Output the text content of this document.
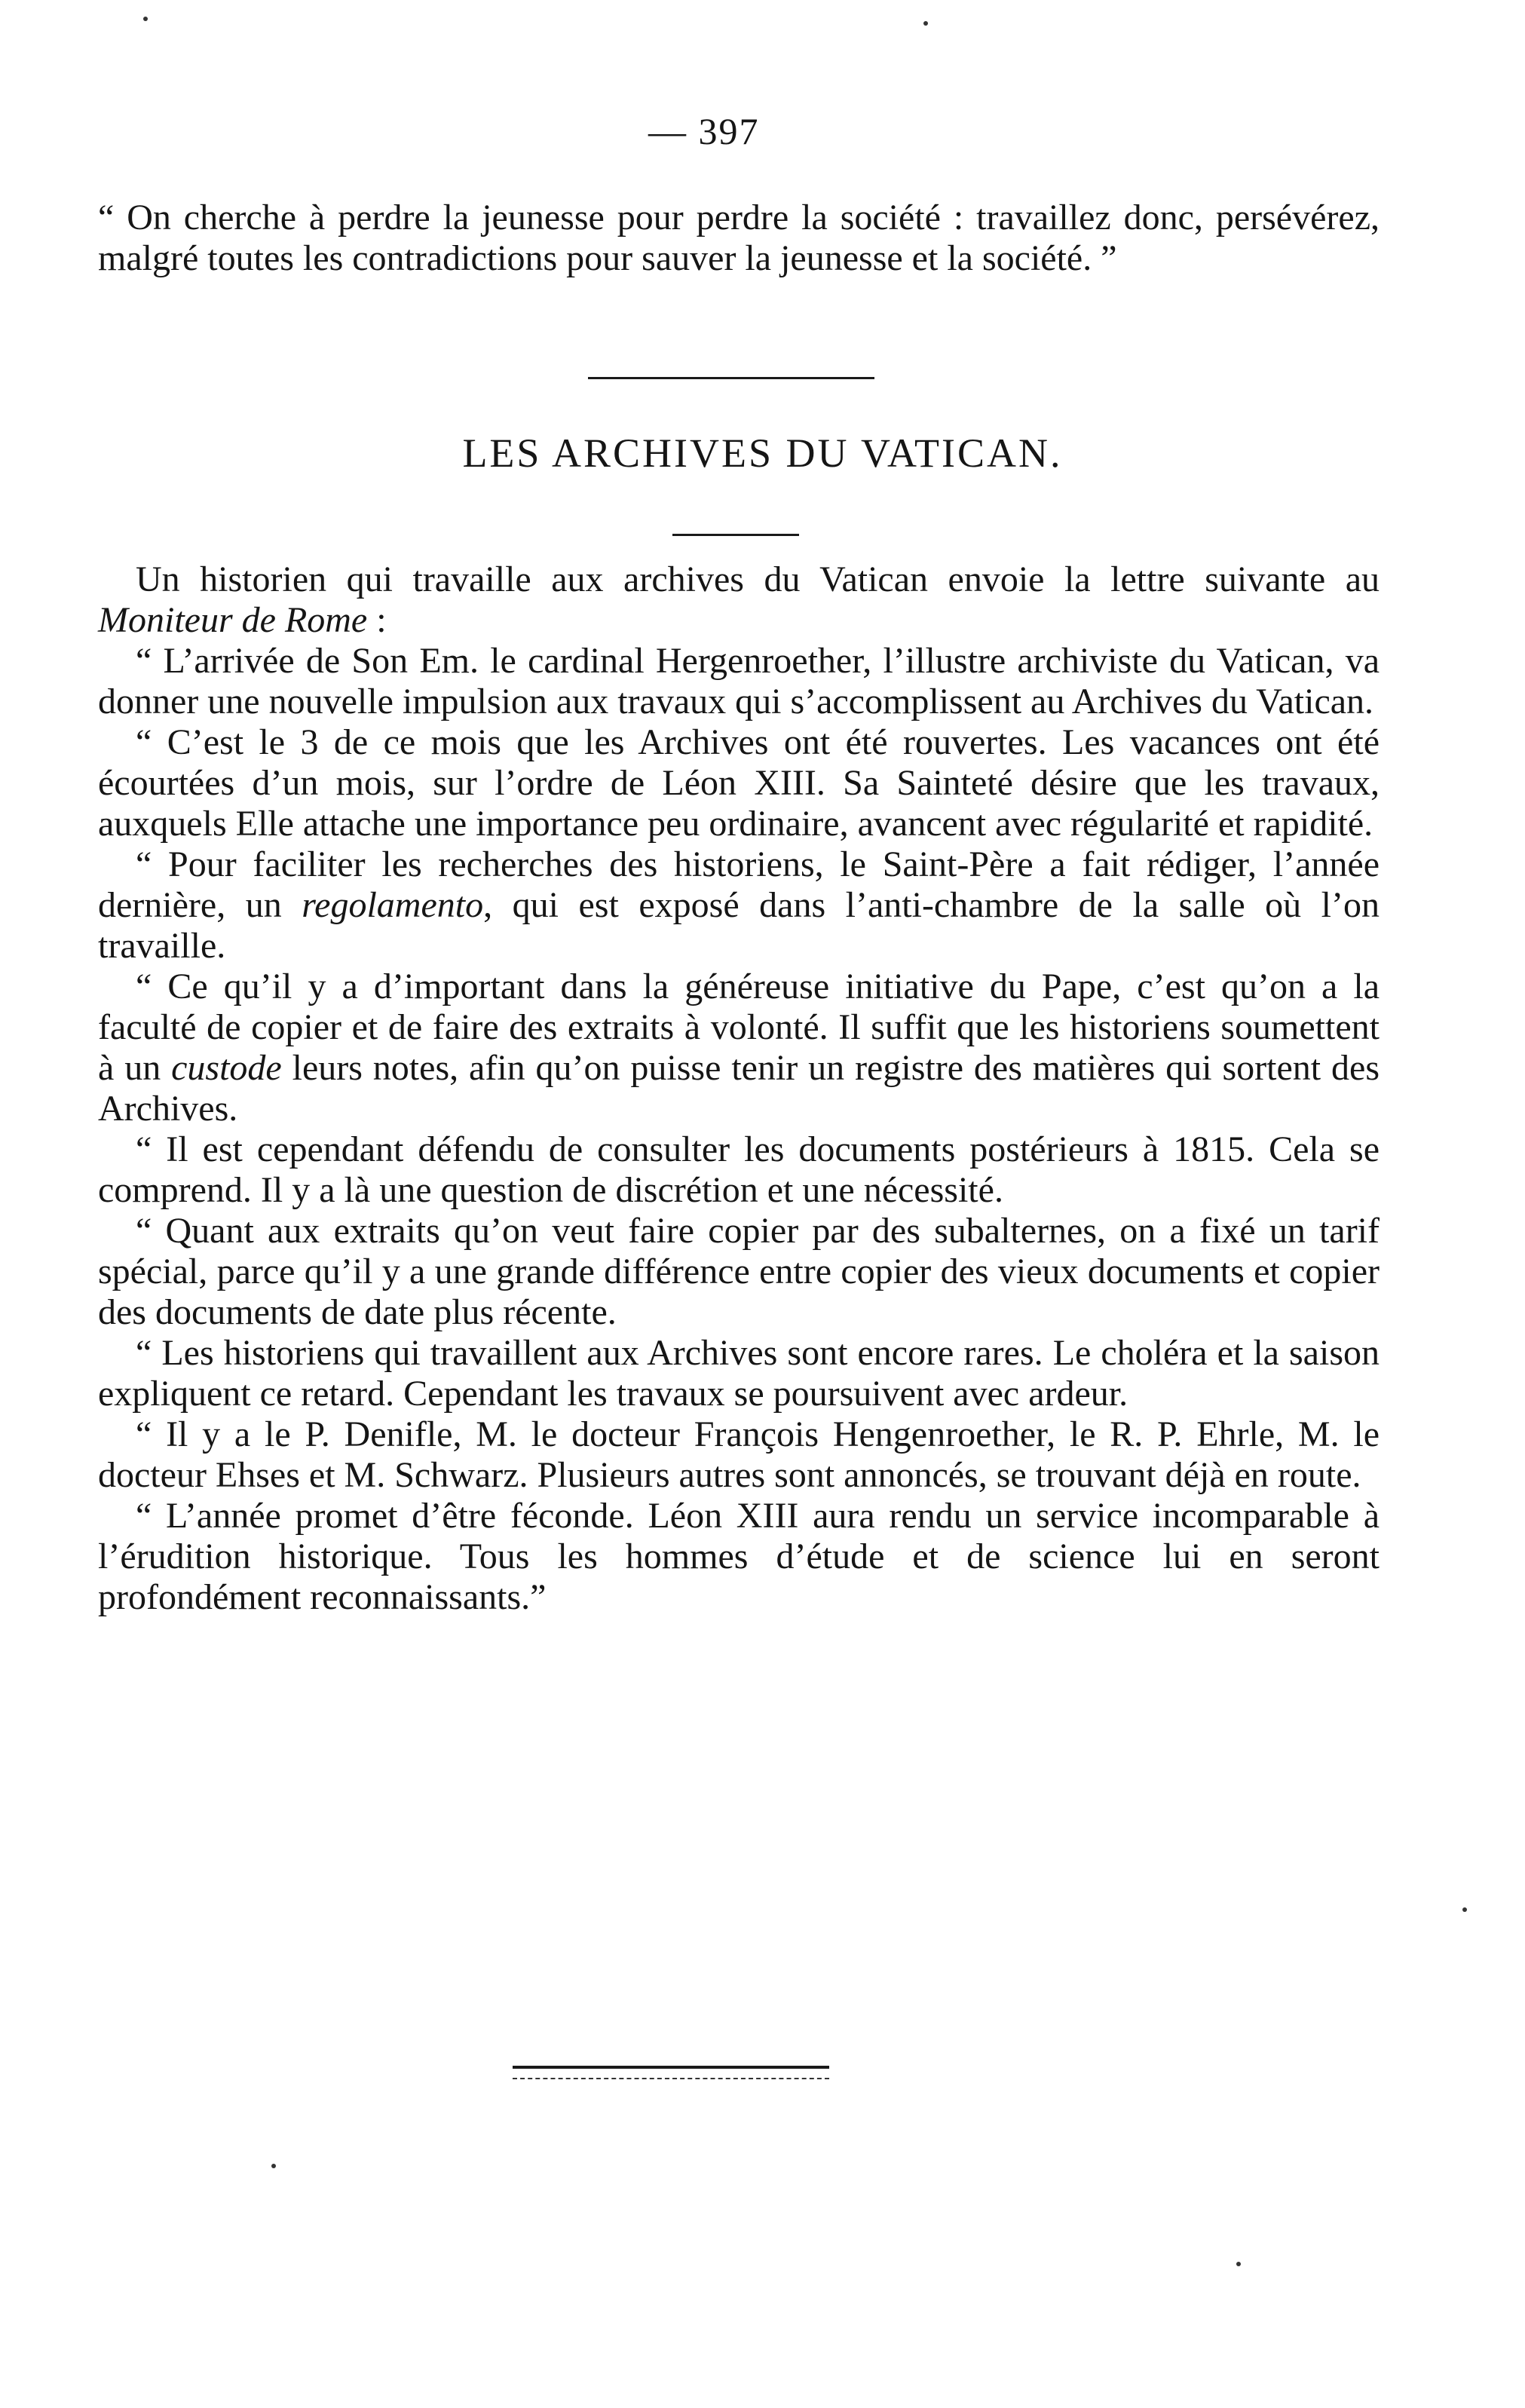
— 397
“ On cherche à perdre la jeunesse pour perdre la société : travaillez donc, persévérez, malgré toutes les contradictions pour sauver la jeunesse et la société. ”
LES ARCHIVES DU VATICAN.

Un historien qui travaille aux archives du Vatican envoie la lettre suivante au Moniteur de Rome :

“ L’arrivée de Son Em. le cardinal Hergenroether, l’illustre archiviste du Vatican, va donner une nouvelle impulsion aux travaux qui s’accomplissent au Archives du Vatican.

“ C’est le 3 de ce mois que les Archives ont été rouvertes. Les vacances ont été écourtées d’un mois, sur l’ordre de Léon XIII. Sa Sainteté désire que les travaux, auxquels Elle attache une importance peu ordinaire, avancent avec régularité et rapidité.

“ Pour faciliter les recherches des historiens, le Saint-Père a fait rédiger, l’année dernière, un regolamento, qui est exposé dans l’anti-chambre de la salle où l’on travaille.

“ Ce qu’il y a d’important dans la généreuse initiative du Pape, c’est qu’on a la faculté de copier et de faire des extraits à volonté. Il suffit que les historiens soumettent à un custode leurs notes, afin qu’on puisse tenir un registre des matières qui sortent des Archives.

“ Il est cependant défendu de consulter les documents postérieurs à 1815. Cela se comprend. Il y a là une question de discrétion et une nécessité.

“ Quant aux extraits qu’on veut faire copier par des subalternes, on a fixé un tarif spécial, parce qu’il y a une grande différence entre copier des vieux documents et copier des documents de date plus récente.

“ Les historiens qui travaillent aux Archives sont encore rares. Le choléra et la saison expliquent ce retard. Cependant les travaux se poursuivent avec ardeur.

“ Il y a le P. Denifle, M. le docteur François Hengenroether, le R. P. Ehrle, M. le docteur Ehses et M. Schwarz. Plusieurs autres sont annoncés, se trouvant déjà en route.

“ L’année promet d’être féconde. Léon XIII aura rendu un service incomparable à l’érudition historique. Tous les hommes d’étude et de science lui en seront profondément reconnaissants.”
